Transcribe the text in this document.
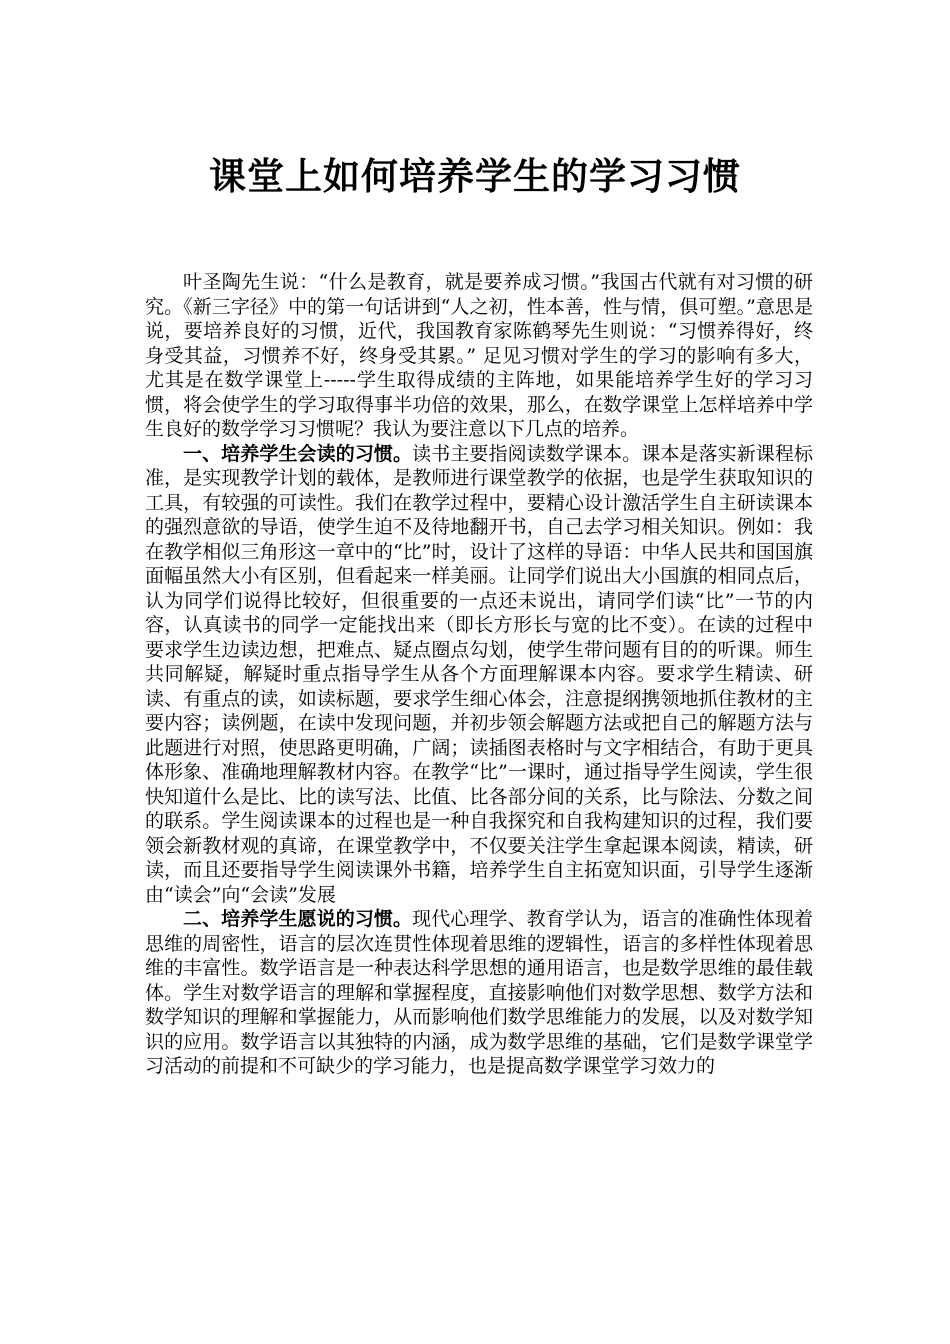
课堂上如何培养学生的学习习惯

叶圣陶先生说：“什么是教育，就是要养成习惯。”我国古代就有对习惯的研究。《新三字径》中的第一句话讲到“人之初，性本善，性与情，俱可塑。”意思是说，要培养良好的习惯，近代，我国教育家陈鹤琴先生则说：“习惯养得好，终身受其益，习惯养不好，终身受其累。” 足见习惯对学生的学习的影响有多大，尤其是在数学课堂上-----学生取得成绩的主阵地，如果能培养学生好的学习习惯，将会使学生的学习取得事半功倍的效果，那么，在数学课堂上怎样培养中学生良好的数学学习习惯呢？我认为要注意以下几点的培养。

一、培养学生会读的习惯。读书主要指阅读数学课本。课本是落实新课程标准，是实现教学计划的载体，是教师进行课堂教学的依据，也是学生获取知识的工具，有较强的可读性。我们在教学过程中，要精心设计激活学生自主研读课本的强烈意欲的导语，使学生迫不及待地翻开书，自己去学习相关知识。例如：我在教学相似三角形这一章中的“比”时，设计了这样的导语：中华人民共和国国旗面幅虽然大小有区别，但看起来一样美丽。让同学们说出大小国旗的相同点后，认为同学们说得比较好，但很重要的一点还未说出，请同学们读“比”一节的内容，认真读书的同学一定能找出来（即长方形长与宽的比不变）。在读的过程中要求学生边读边想，把难点、疑点圈点勾划，使学生带问题有目的的听课。师生共同解疑，解疑时重点指导学生从各个方面理解课本内容。要求学生精读、研读、有重点的读，如读标题，要求学生细心体会，注意提纲携领地抓住教材的主要内容；读例题，在读中发现问题，并初步领会解题方法或把自己的解题方法与此题进行对照，使思路更明确，广阔；读插图表格时与文字相结合，有助于更具体形象、准确地理解教材内容。在教学“比”一课时，通过指导学生阅读，学生很快知道什么是比、比的读写法、比值、比各部分间的关系，比与除法、分数之间的联系。学生阅读课本的过程也是一种自我探究和自我构建知识的过程，我们要领会新教材观的真谛，在课堂教学中，不仅要关注学生拿起课本阅读，精读，研读，而且还要指导学生阅读课外书籍，培养学生自主拓宽知识面，引导学生逐渐由“读会”向“会读”发展

二、培养学生愿说的习惯。现代心理学、教育学认为，语言的准确性体现着思维的周密性，语言的层次连贯性体现着思维的逻辑性，语言的多样性体现着思维的丰富性。数学语言是一种表达科学思想的通用语言，也是数学思维的最佳载体。学生对数学语言的理解和掌握程度，直接影响他们对数学思想、数学方法和数学知识的理解和掌握能力，从而影响他们数学思维能力的发展，以及对数学知识的应用。数学语言以其独特的内涵，成为数学思维的基础，它们是数学课堂学习活动的前提和不可缺少的学习能力，也是提高数学课堂学习效力的
